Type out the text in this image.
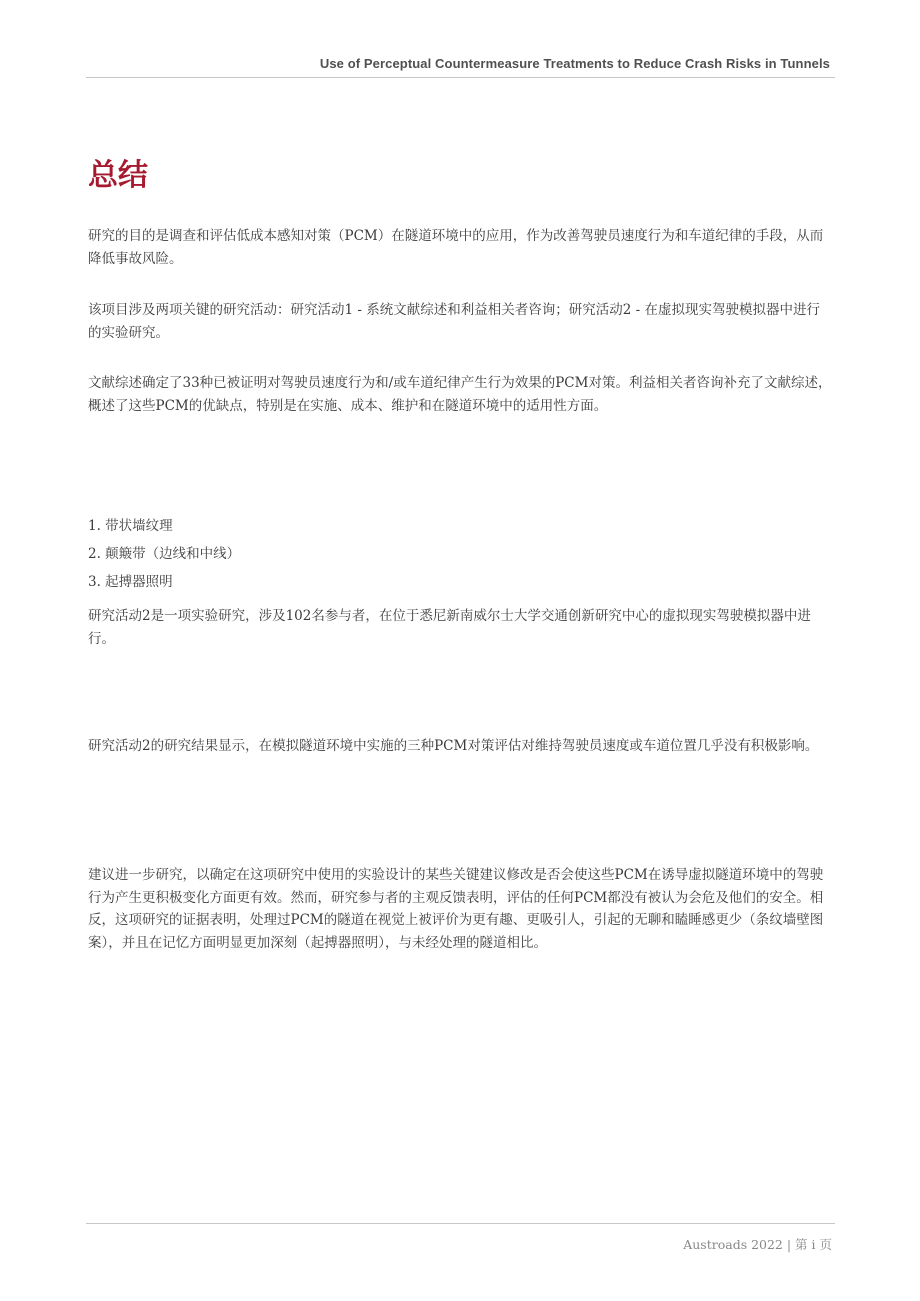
Use of Perceptual Countermeasure Treatments to Reduce Crash Risks in Tunnels
总结

研究的目的是调查和评估低成本感知对策（PCM）在隧道环境中的应用，作为改善驾驶员速度行为和车道纪律的手段，从而降低事故风险。

该项目涉及两项关键的研究活动：研究活动1 - 系统文献综述和利益相关者咨询；研究活动2 - 在虚拟现实驾驶模拟器中进行的实验研究。

文献综述确定了33种已被证明对驾驶员速度行为和/或车道纪律产生行为效果的PCM对策。利益相关者咨询补充了文献综述，概述了这些PCM的优缺点，特别是在实施、成本、维护和在隧道环境中的适用性方面。

1. 带状墙纹理
2. 颠簸带（边线和中线）
3. 起搏器照明

研究活动2是一项实验研究，涉及102名参与者，在位于悉尼新南威尔士大学交通创新研究中心的虚拟现实驾驶模拟器中进行。

研究活动2的研究结果显示，在模拟隧道环境中实施的三种PCM对策评估对维持驾驶员速度或车道位置几乎没有积极影响。

建议进一步研究，以确定在这项研究中使用的实验设计的某些关键建议修改是否会使这些PCM在诱导虚拟隧道环境中的驾驶行为产生更积极变化方面更有效。然而，研究参与者的主观反馈表明，评估的任何PCM都没有被认为会危及他们的安全。相反，这项研究的证据表明，处理过PCM的隧道在视觉上被评价为更有趣、更吸引人，引起的无聊和瞌睡感更少（条纹墙壁图案），并且在记忆方面明显更加深刻（起搏器照明），与未经处理的隧道相比。

Austroads 2022 | 第 i 页
